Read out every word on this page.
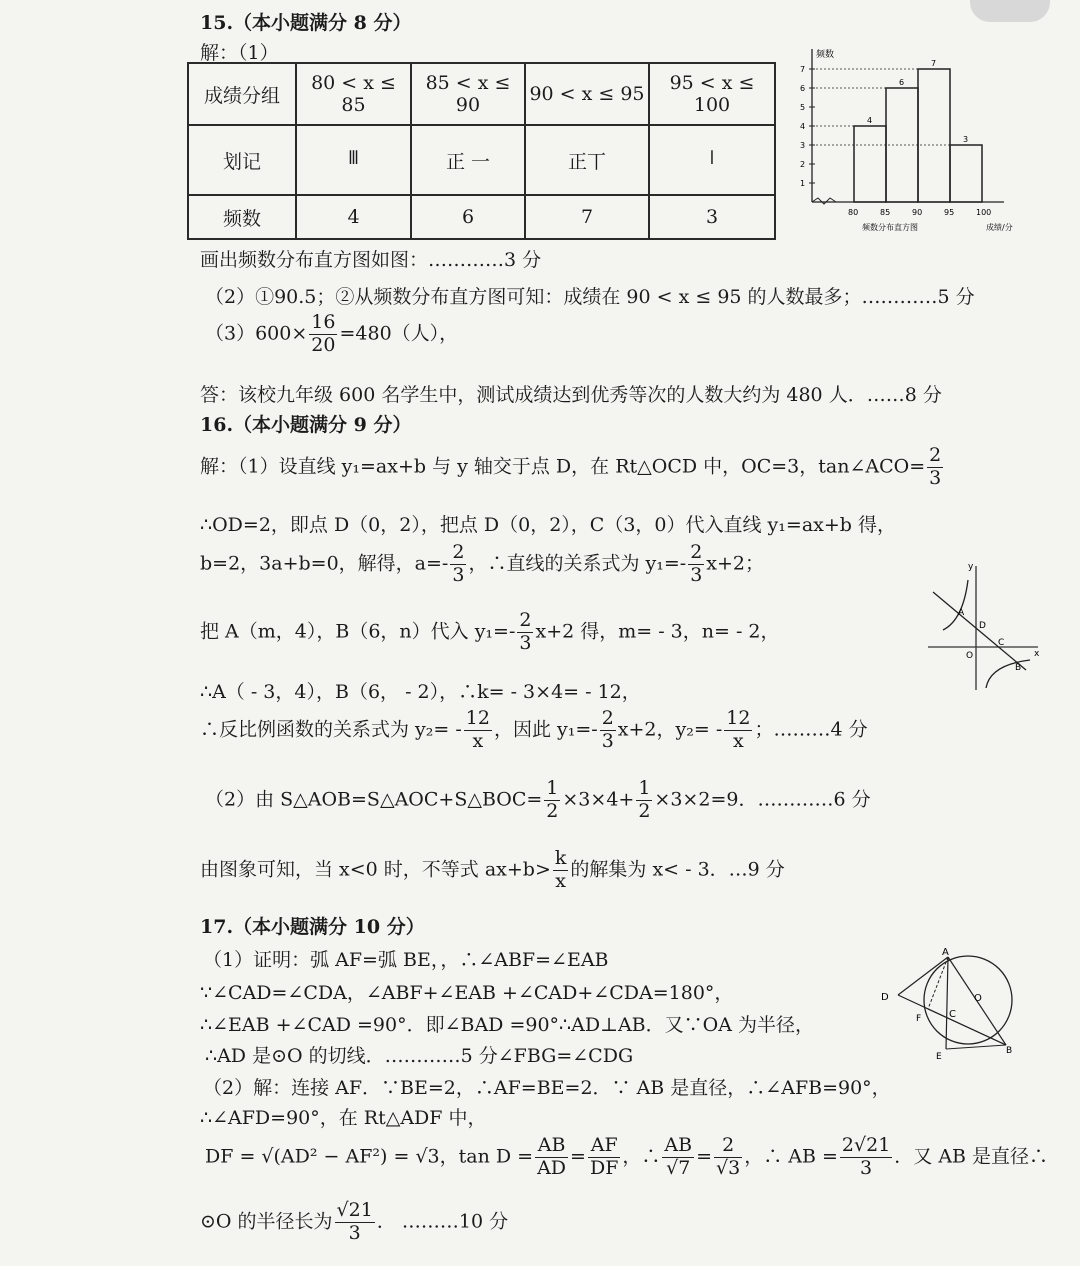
15.（本小题满分 8 分）
解：（1）
成绩分组	80 < x ≤ 85	85 < x ≤ 90	90 < x ≤ 95	95 < x ≤ 100
划记	𝍫	正 一	正丅	𝍩
频数	4	6	7	3
频数
成绩/分
频数分布直方图
1
2
3
4
5
6
7
80	85	90	95	100
4
6
7
3
画出频数分布直方图如图：…………3 分
（2）①90.5；②从频数分布直方图可知：成绩在 90 < x ≤ 95 的人数最多；…………5 分
$(3)600\times \frac{16}{20} =480$（人），
答：该校九年级 600 名学生中，测试成绩达到优秀等次的人数大约为 480 人．……8 分
16.（本小题满分 9 分）
解：（1）设直线 y₁=ax+b 与 y 轴交于点 D，在 Rt△OCD 中，OC=3，tan∠ACO= $\frac{2}{3}$
∴OD=2，即点 D（0，2），把点 D（0，2），C（3，0）代入直线 y₁=ax+b 得，
b=2，3a+b=0，解得，$a=- \frac{2}{3}$ ，∴直线的关系式为 $y_1=- \frac{2}{3} x+2$；	y
x
A
D
C
O
B
把 A（m，4），B（6，n）代入 $y_1=- \frac{2}{3} x+2$ 得，m= - 3，n= - 2，
∴A（ - 3，4），B（6， - 2），∴k= - 3×4= - 12，
∴反比例函数的关系式为 $y_2= - \frac{12}{x}$ ，因此 $y_1=- \frac{2}{3} x+2$，$y_2= - \frac{12}{x}$ ；………4 分
（2）由 S△AOB=S△AOC+S△BOC= $\frac{1}{2} \times 3\times 4+ \frac{1}{2} \times 3\times 2=9$．…………6 分
由图象可知，当 x<0 时，不等式 $ax+b> \frac{k}{x}$ 的解集为 x< - 3．…9 分
17.（本小题满分 10 分）
（1）证明：弧 AF=弧 BE，，∴∠ABF=∠EAB
∵∠CAD=∠CDA，∠ABF+∠EAB +∠CAD+∠CDA=180°，
∴∠EAB +∠CAD =90°．即∠BAD =90°∴AD⊥AB．又∵OA 为半径，
∴AD 是⊙O 的切线．…………5 分∠FBG=∠CDG
（2）解：连接 AF．∵BE=2，∴AF=BE=2．∵ AB 是直径，∴∠AFB=90°，
∴∠AFD=90°，在 Rt△ADF 中，
A
D	O
F	C
E
B
DF = √(AD² − AF²) = √3，$\tan D = \frac{AB}{AD} = \frac{AF}{DF}$ ，∴ $\frac{AB}{√7} = \frac{2}{√3}$ ，∴ AB = $\frac{2√21}{3}$ ．又 AB 是直径∴
⊙O 的半径长为 $\frac{√21}{3}$ ． ………10 分
